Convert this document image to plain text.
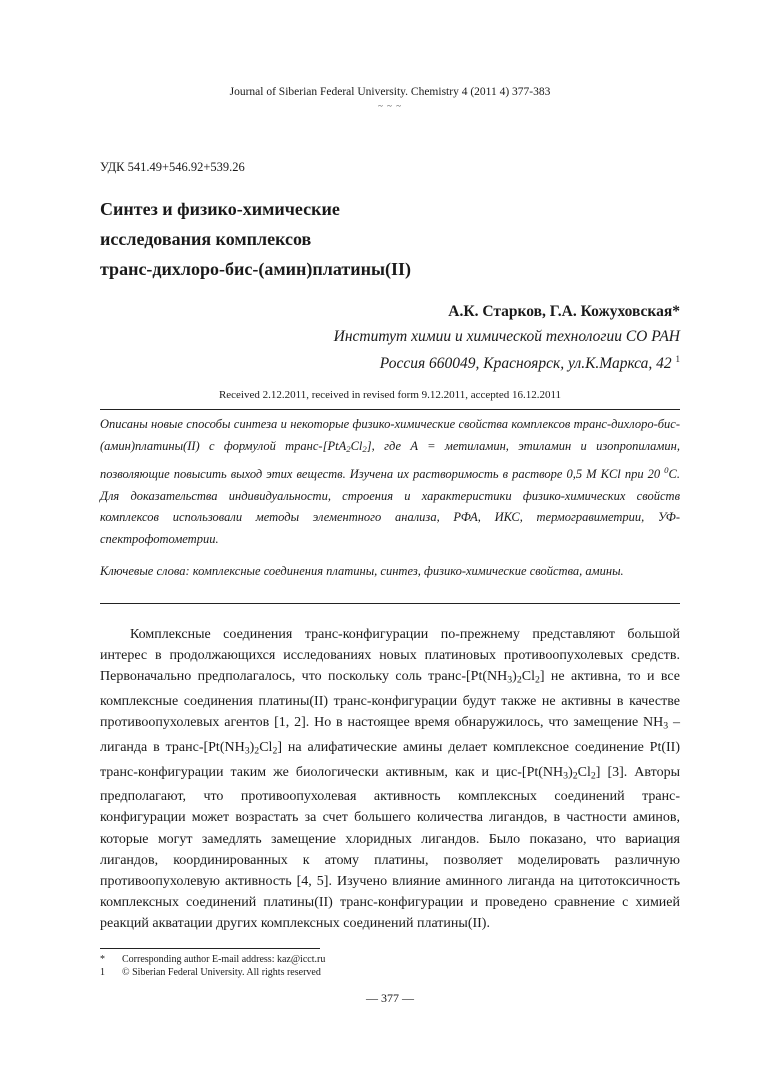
Journal of Siberian Federal University. Chemistry 4 (2011 4) 377-383
~ ~ ~
УДК 541.49+546.92+539.26
Синтез и физико-химические
исследования комплексов
транс-дихлоро-бис-(амин)платины(II)
А.К. Старков, Г.А. Кожуховская*
Институт химии и химической технологии СО РАН
Россия 660049, Красноярск, ул.К.Маркса, 42 $^1$
Received 2.12.2011, received in revised form 9.12.2011, accepted 16.12.2011
Описаны новые способы синтеза и некоторые физико-химические свойства комплексов транс-дихлоро-бис-(амин)платины(II) с формулой транс-$[PtA_2Cl_2]$, где A = метиламин, этиламин и изопропиламин, позволяющие повысить выход этих веществ. Изучена их растворимость в растворе 0,5 M KCl при 20 $^0$С. Для доказательства индивидуальности, строения и характеристики физико-химических свойств комплексов использовали методы элементного анализа, РФА, ИКС, термогравиметрии, УФ-спектрофотометрии.
Ключевые слова: комплексные соединения платины, синтез, физико-химические свойства, амины.
Комплексные соединения транс-конфигурации по-прежнему представляют большой интерес в продолжающихся исследованиях новых платиновых противоопухолевых средств. Первоначально предполагалось, что поскольку соль транс-$[Pt(NH_3)_2Cl_2]$ не активна, то и все комплексные соединения платины(II) транс-конфигурации будут также не активны в качестве противоопухолевых агентов [1, 2]. Но в настоящее время обнаружилось, что замещение $NH_3$ – лиганда в транс-$[Pt(NH_3)_2Cl_2]$ на алифатические амины делает комплексное соединение Pt(II) транс-конфигурации таким же биологически активным, как и цис-$[Pt(NH_3)_2Cl_2]$ [3]. Авторы предполагают, что противоопухолевая активность комплексных соединений транс-конфигурации может возрастать за счет большего количества лигандов, в частности аминов, которые могут замедлять замещение хлоридных лигандов. Было показано, что вариация лигандов, координированных к атому платины, позволяет моделировать различную противоопухолевую активность [4, 5]. Изучено влияние аминного лиганда на цитотоксичность комплексных соединений платины(II) транс-конфигурации и проведено сравнение с химией реакций акватации других комплексных соединений платины(II).
* Corresponding author E-mail address: kaz@icct.ru
1 © Siberian Federal University. All rights reserved
— 377 —
